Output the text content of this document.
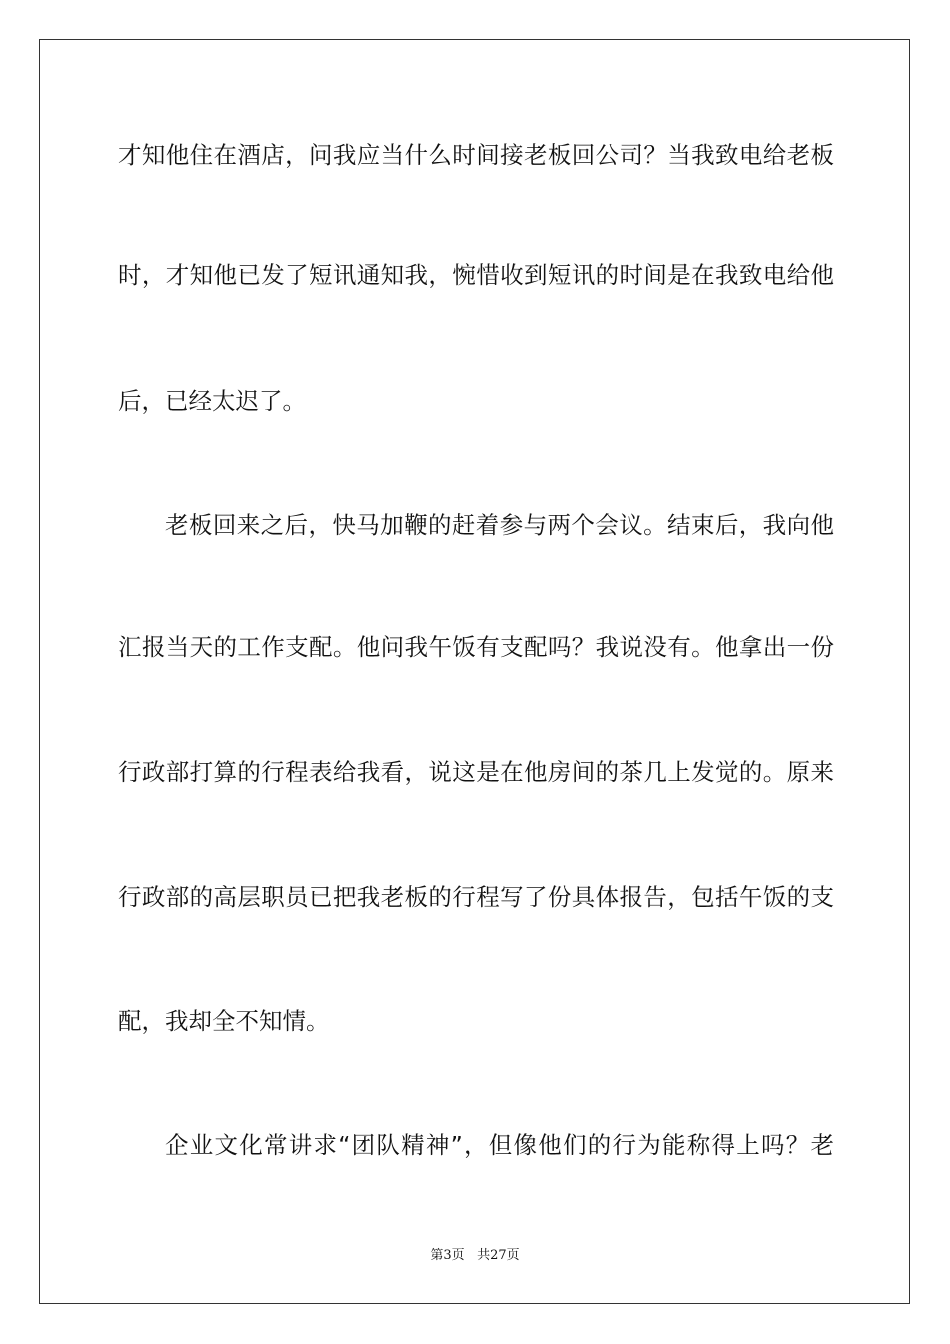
才知他住在酒店，问我应当什么时间接老板回公司？当我致电给老板
时，才知他已发了短讯通知我，惋惜收到短讯的时间是在我致电给他
后，已经太迟了。
老板回来之后，快马加鞭的赶着参与两个会议。结束后，我向他
汇报当天的工作支配。他问我午饭有支配吗？我说没有。他拿出一份
行政部打算的行程表给我看，说这是在他房间的茶几上发觉的。原来
行政部的高层职员已把我老板的行程写了份具体报告，包括午饭的支
配，我却全不知情。
企业文化常讲求“团队精神”，但像他们的行为能称得上吗？老
第3页 共27页
